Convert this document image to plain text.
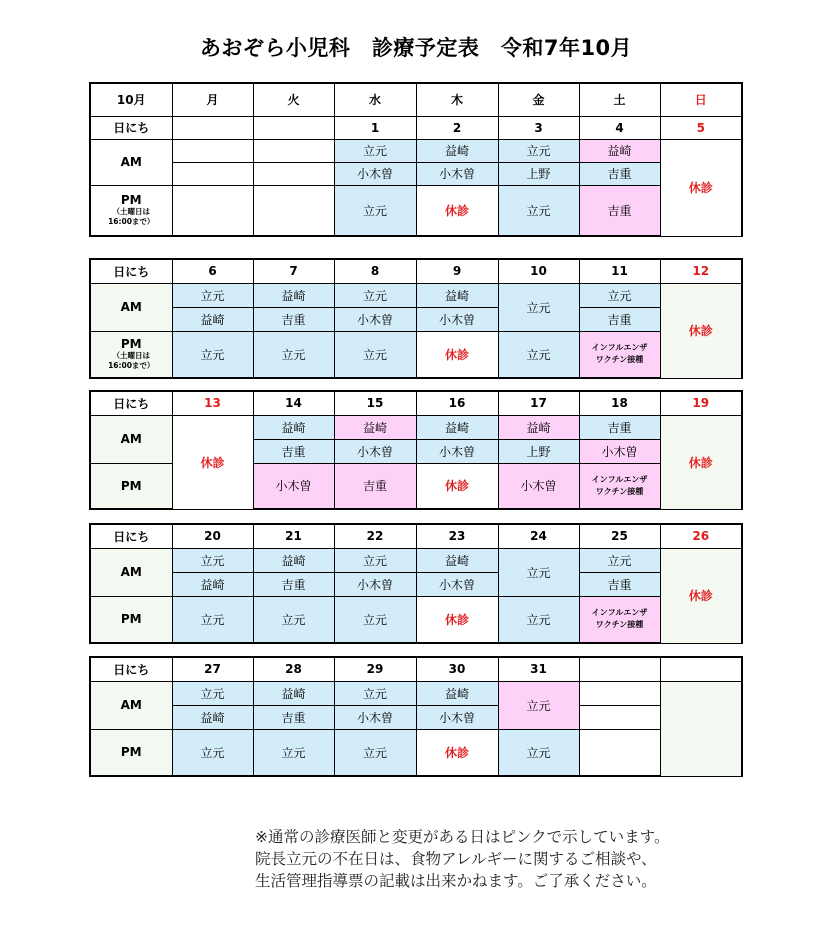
あおぞら小児科　診療予定表　令和7年10月
10月	月	火	水	木	金	土	日
日にち			1	2	3	4	5
AM			立元	益崎	立元	益崎	休診
			小木曽	小木曽	上野	吉重	

PM
（土曜日は
16:00まで）			立元	休診	立元	吉重	
日にち	6	7	8	9	10	11	12
AM	立元	益崎	立元	益崎	立元	立元	休診
	益崎	吉重	小木曽	小木曽		吉重	

PM
（土曜日は
16:00まで）	立元	立元	立元	休診	立元	インフルエンザ
ワクチン接種	
日にち	13	14	15	16	17	18	19
AM	休診	益崎	益崎	益崎	益崎	吉重	休診
		吉重	小木曽	小木曽	上野	小木曽	
PM		小木曽	吉重	休診	小木曽	インフルエンザ
ワクチン接種	
日にち	20	21	22	23	24	25	26
AM	立元	益崎	立元	益崎	立元	立元	休診
	益崎	吉重	小木曽	小木曽		吉重	
PM	立元	立元	立元	休診	立元	インフルエンザ
ワクチン接種	
日にち	27	28	29	30	31		
AM	立元	益崎	立元	益崎	立元		
	益崎	吉重	小木曽	小木曽			
PM	立元	立元	立元	休診	立元		
※通常の診療医師と変更がある日はピンクで示しています。
院長立元の不在日は、食物アレルギーに関するご相談や、
生活管理指導票の記載は出来かねます。ご了承ください。
